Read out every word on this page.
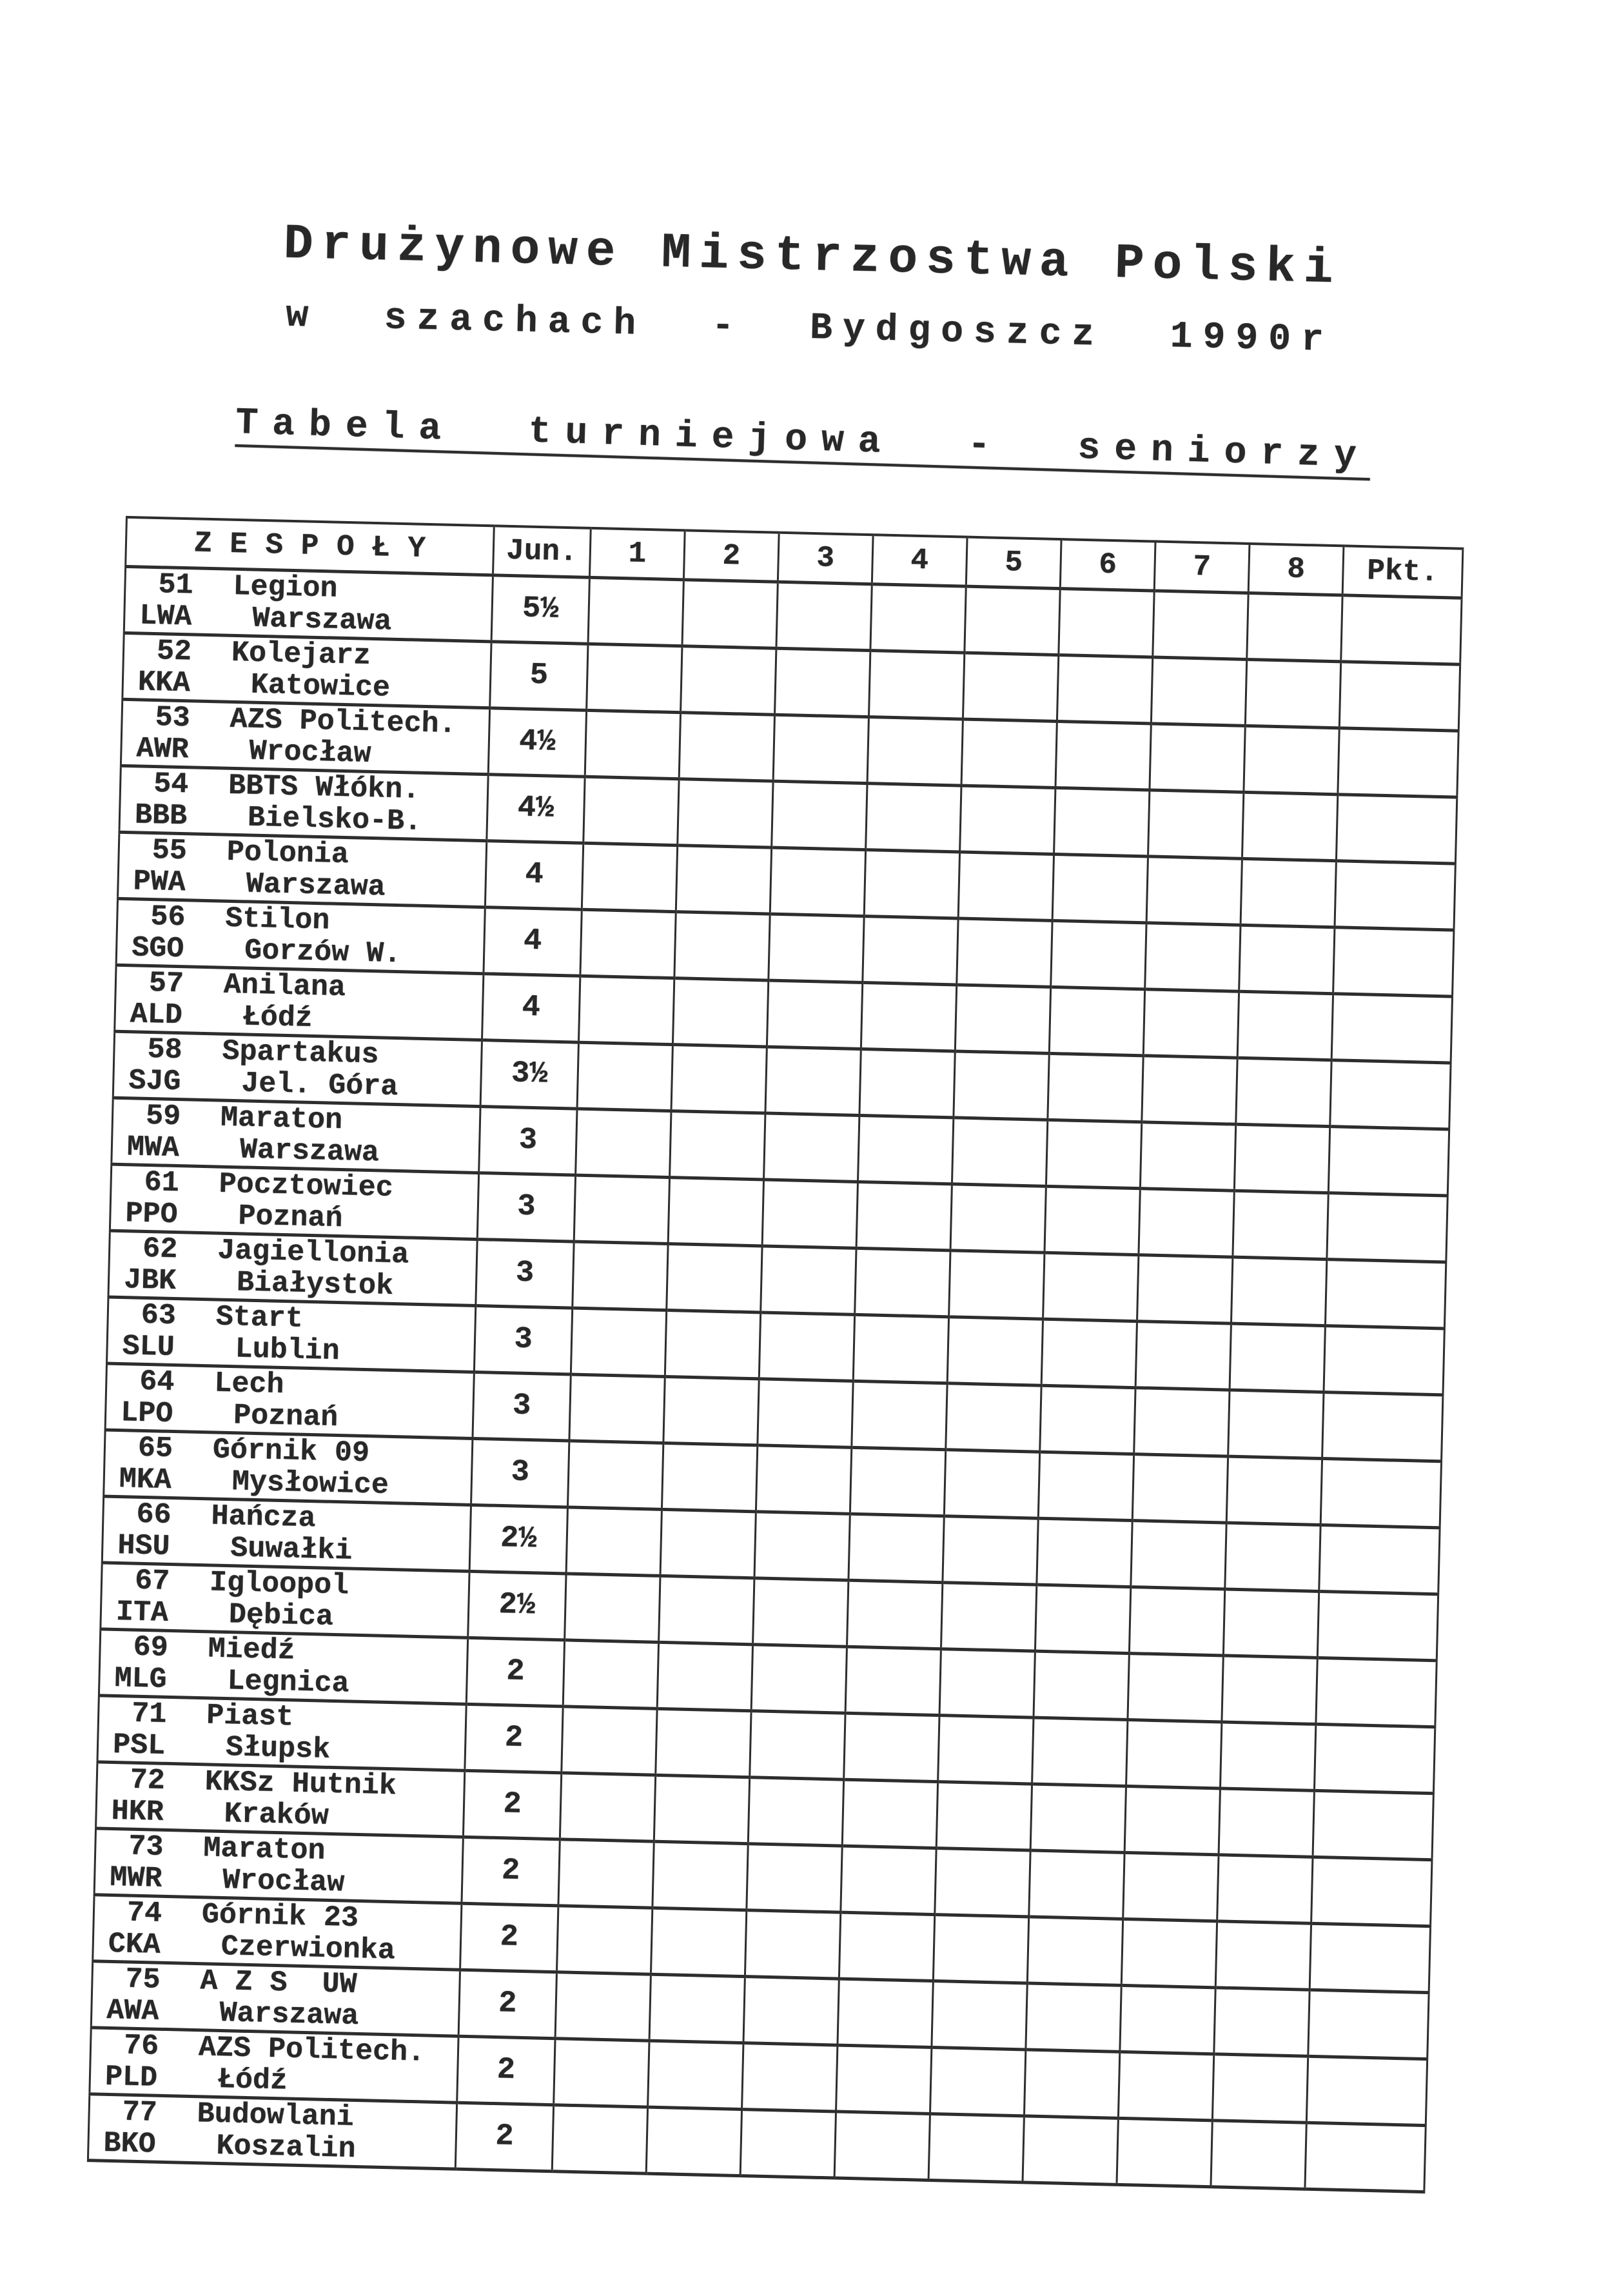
Drużynowe Mistrzostwa Polski
w  szachach  -  Bydgoszcz  1990r
Tabela  turniejowa  -  seniorzy
Z E S P O Ł Y	Jun.	1	2	3	4	5	6	7	8	Pkt.

51 Legion
LWA Warszawa	5½									

52 Kolejarz
KKA Katowice	5									

53 AZS Politech.
AWR Wrocław	4½									

54 BBTS Włókn.
BBB Bielsko-B.	4½									

55 Polonia
PWA Warszawa	4									

56 Stilon
SGO Gorzów W.	4									

57 Anilana
ALD Łódź	4									

58 Spartakus
SJG Jel. Góra	3½									

59 Maraton
MWA Warszawa	3									

61 Pocztowiec
PPO Poznań	3									

62 Jagiellonia
JBK Białystok	3									

63 Start
SLU Lublin	3									

64 Lech
LPO Poznań	3									

65 Górnik 09
MKA Mysłowice	3									

66 Hańcza
HSU Suwałki	2½									

67 Igloopol
ITA Dębica	2½									

69 Miedź
MLG Legnica	2									

71 Piast
PSL Słupsk	2									

72 KKSz Hutnik
HKR Kraków	2									

73 Maraton
MWR Wrocław	2									

74 Górnik 23
CKA Czerwionka	2									

75 A Z S  UW
AWA Warszawa	2									

76 AZS Politech.
PLD Łódź	2									

77 Budowlani
BKO Koszalin	2									
